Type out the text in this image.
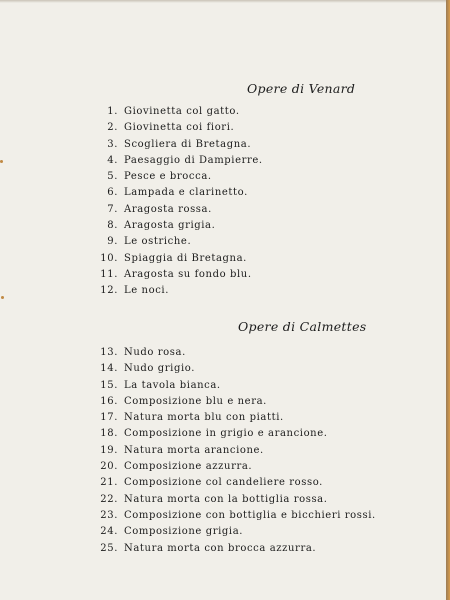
Opere di Venard
1. Giovinetta col gatto.
2. Giovinetta coi fiori.
3. Scogliera di Bretagna.
4. Paesaggio di Dampierre.
5. Pesce e brocca.
6. Lampada e clarinetto.
7. Aragosta rossa.
8. Aragosta grigia.
9. Le ostriche.
10. Spiaggia di Bretagna.
11. Aragosta su fondo blu.
12. Le noci.
Opere di Calmettes
13. Nudo rosa.
14. Nudo grigio.
15. La tavola bianca.
16. Composizione blu e nera.
17. Natura morta blu con piatti.
18. Composizione in grigio e arancione.
19. Natura morta arancione.
20. Composizione azzurra.
21. Composizione col candeliere rosso.
22. Natura morta con la bottiglia rossa.
23. Composizione con bottiglia e bicchieri rossi.
24. Composizione grigia.
25. Natura morta con brocca azzurra.
